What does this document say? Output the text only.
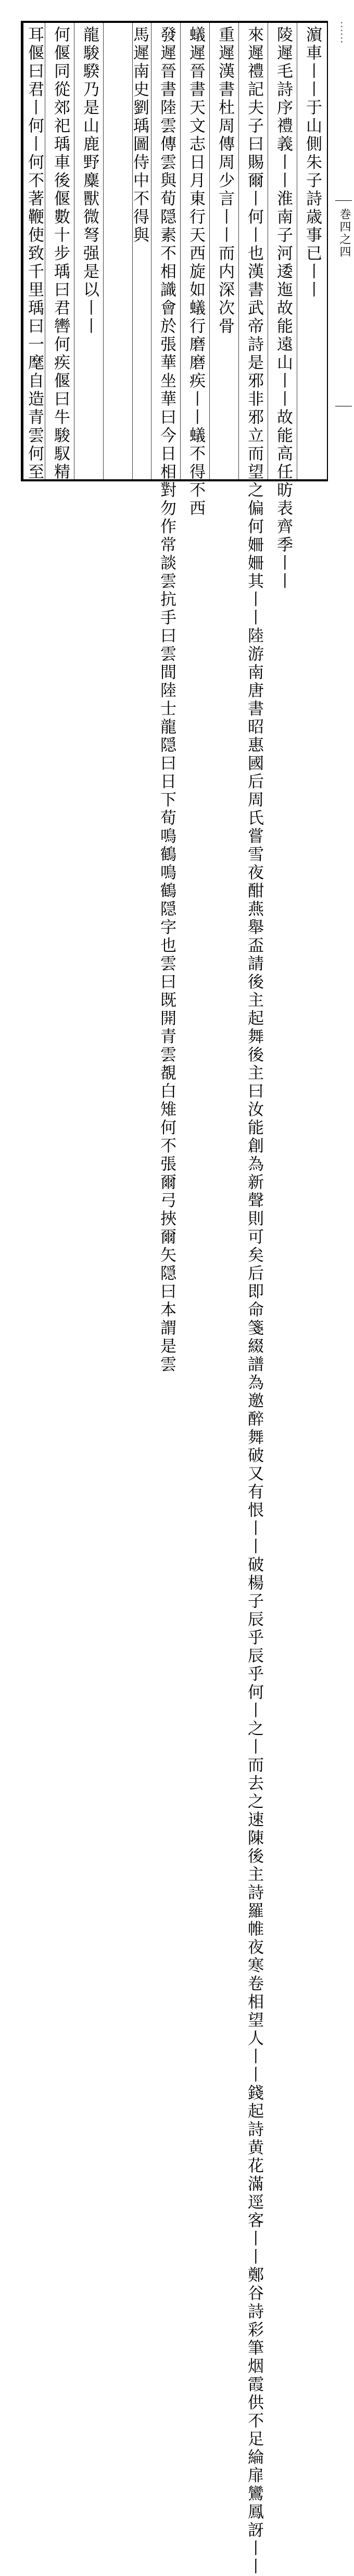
濵車丨丨于山側朱子詩歳事已丨丨
陵遲毛詩序禮義丨丨淮南子河逶迤故能遠山丨丨故能高任昉表齊季丨丨
來遲禮記夫子曰賜爾丨何丨也漢書武帝詩是邪非邪立而望之偏何姍姍其丨丨陸游南唐書昭惠國后周氏嘗雪夜酣燕舉盃請後主起舞後主曰汝能創為新聲則可矣后即命箋綴譜為邀醉舞破又有恨丨丨破楊子辰乎辰乎何丨之丨而去之速陳後主詩羅帷夜寒卷相望人丨丨錢起詩黄花滿逕客丨丨鄭谷詩彩筆烟霞供不足綸扉鸞鳳訝丨丨
重遲漢書杜周傳周少言丨丨而内深次骨
蟻遲晉書天文志日月東行天西旋如蟻行磨磨疾丨丨蟻不得不西
發遲晉書陸雲傳雲與荀隠素不相識會於張華坐華曰今日相對勿作常談雲抗手曰雲間陸士龍隠曰日下荀鳴鶴鳴鶴隠字也雲曰既開青雲覩白雉何不張爾弓挾爾矢隠曰本謂是雲
馬遲南史劉瑀圖侍中不得與
龍駿騤乃是山鹿野麋獸微弩强是以丨丨
何偃同從郊祀瑀車後偃數十步瑀曰君轡何疾偃曰牛駿馭精
耳偃曰君丨何丨何不著鞭使致千里瑀曰一麾自造青雲何至	……
巻四之四
